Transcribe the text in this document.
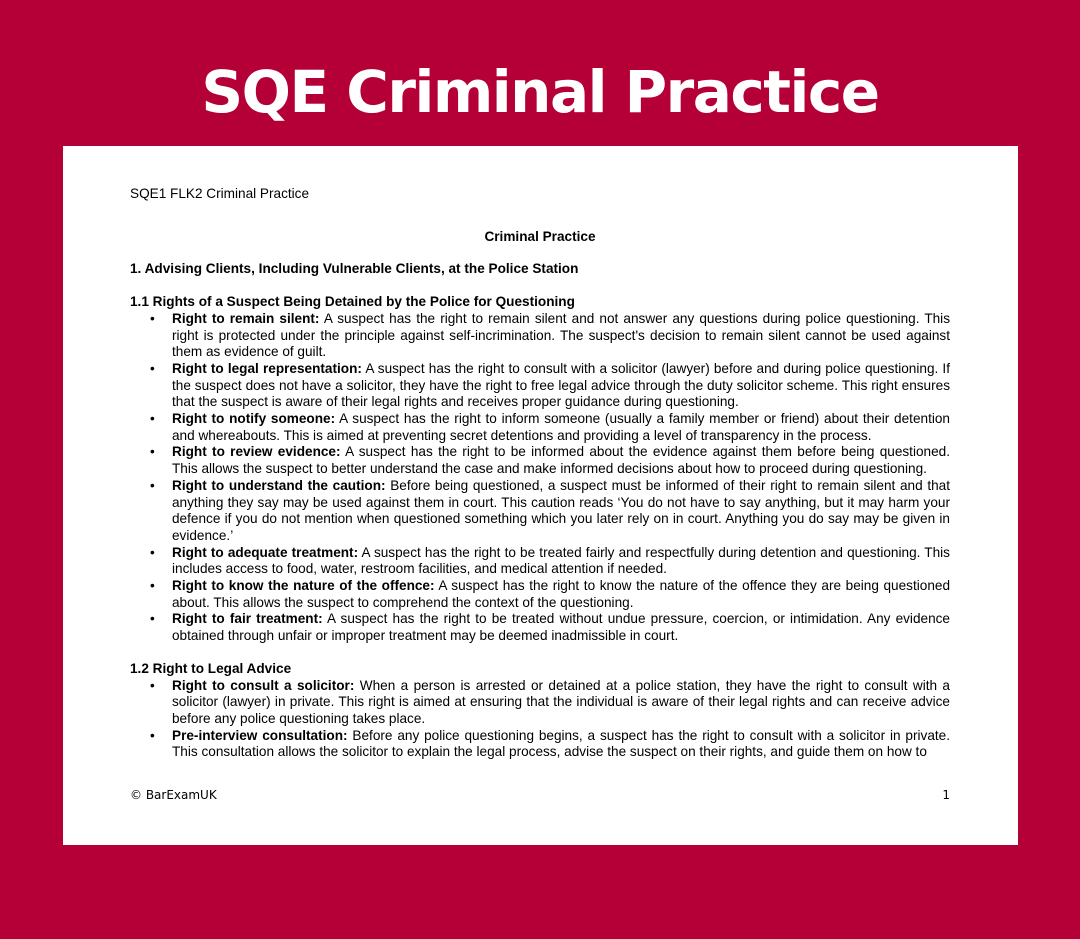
SQE Criminal Practice
SQE1 FLK2 Criminal Practice
Criminal Practice
1. Advising Clients, Including Vulnerable Clients, at the Police Station
1.1 Rights of a Suspect Being Detained by the Police for Questioning
• Right to remain silent: A suspect has the right to remain silent and not answer any questions during police questioning. This right is protected under the principle against self-incrimination. The suspect's decision to remain silent cannot be used against them as evidence of guilt.
• Right to legal representation: A suspect has the right to consult with a solicitor (lawyer) before and during police questioning. If the suspect does not have a solicitor, they have the right to free legal advice through the duty solicitor scheme. This right ensures that the suspect is aware of their legal rights and receives proper guidance during questioning.
• Right to notify someone: A suspect has the right to inform someone (usually a family member or friend) about their detention and whereabouts. This is aimed at preventing secret detentions and providing a level of transparency in the process.
• Right to review evidence: A suspect has the right to be informed about the evidence against them before being questioned. This allows the suspect to better understand the case and make informed decisions about how to proceed during questioning.
• Right to understand the caution: Before being questioned, a suspect must be informed of their right to remain silent and that anything they say may be used against them in court. This caution reads ‘You do not have to say anything, but it may harm your defence if you do not mention when questioned something which you later rely on in court. Anything you do say may be given in evidence.’
• Right to adequate treatment: A suspect has the right to be treated fairly and respectfully during detention and questioning. This includes access to food, water, restroom facilities, and medical attention if needed.
• Right to know the nature of the offence: A suspect has the right to know the nature of the offence they are being questioned about. This allows the suspect to comprehend the context of the questioning.
• Right to fair treatment: A suspect has the right to be treated without undue pressure, coercion, or intimidation. Any evidence obtained through unfair or improper treatment may be deemed inadmissible in court.
1.2 Right to Legal Advice
• Right to consult a solicitor: When a person is arrested or detained at a police station, they have the right to consult with a solicitor (lawyer) in private. This right is aimed at ensuring that the individual is aware of their legal rights and can receive advice before any police questioning takes place.
• Pre-interview consultation: Before any police questioning begins, a suspect has the right to consult with a solicitor in private. This consultation allows the solicitor to explain the legal process, advise the suspect on their rights, and guide them on how to
© BarExamUK	1
